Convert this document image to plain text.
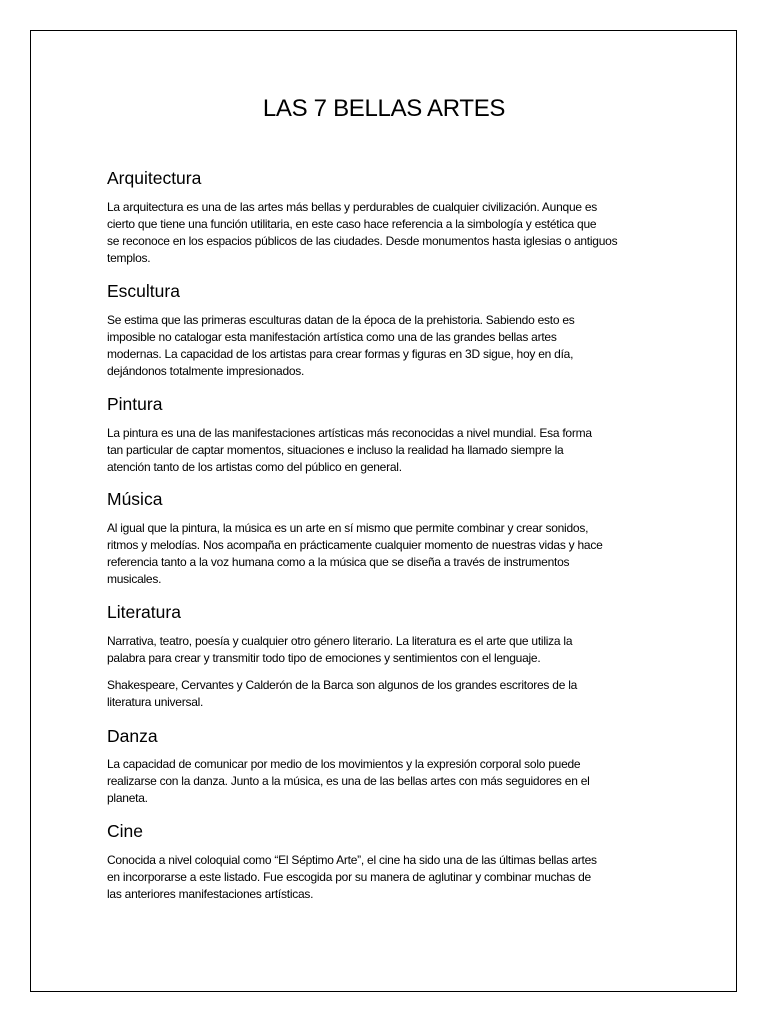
LAS 7 BELLAS ARTES
Arquitectura

La arquitectura es una de las artes más bellas y perdurables de cualquier civilización. Aunque es
cierto que tiene una función utilitaria, en este caso hace referencia a la simbología y estética que
se reconoce en los espacios públicos de las ciudades. Desde monumentos hasta iglesias o antiguos
templos.

Escultura

Se estima que las primeras esculturas datan de la época de la prehistoria. Sabiendo esto es
imposible no catalogar esta manifestación artística como una de las grandes bellas artes
modernas. La capacidad de los artistas para crear formas y figuras en 3D sigue, hoy en día,
dejándonos totalmente impresionados.

Pintura

La pintura es una de las manifestaciones artísticas más reconocidas a nivel mundial. Esa forma
tan particular de captar momentos, situaciones e incluso la realidad ha llamado siempre la
atención tanto de los artistas como del público en general.

Música

Al igual que la pintura, la música es un arte en sí mismo que permite combinar y crear sonidos,
ritmos y melodías. Nos acompaña en prácticamente cualquier momento de nuestras vidas y hace
referencia tanto a la voz humana como a la música que se diseña a través de instrumentos
musicales.

Literatura

Narrativa, teatro, poesía y cualquier otro género literario. La literatura es el arte que utiliza la
palabra para crear y transmitir todo tipo de emociones y sentimientos con el lenguaje.

Shakespeare, Cervantes y Calderón de la Barca son algunos de los grandes escritores de la
literatura universal.

Danza

La capacidad de comunicar por medio de los movimientos y la expresión corporal solo puede
realizarse con la danza. Junto a la música, es una de las bellas artes con más seguidores en el
planeta.

Cine

Conocida a nivel coloquial como “El Séptimo Arte”, el cine ha sido una de las últimas bellas artes
en incorporarse a este listado. Fue escogida por su manera de aglutinar y combinar muchas de
las anteriores manifestaciones artísticas.
